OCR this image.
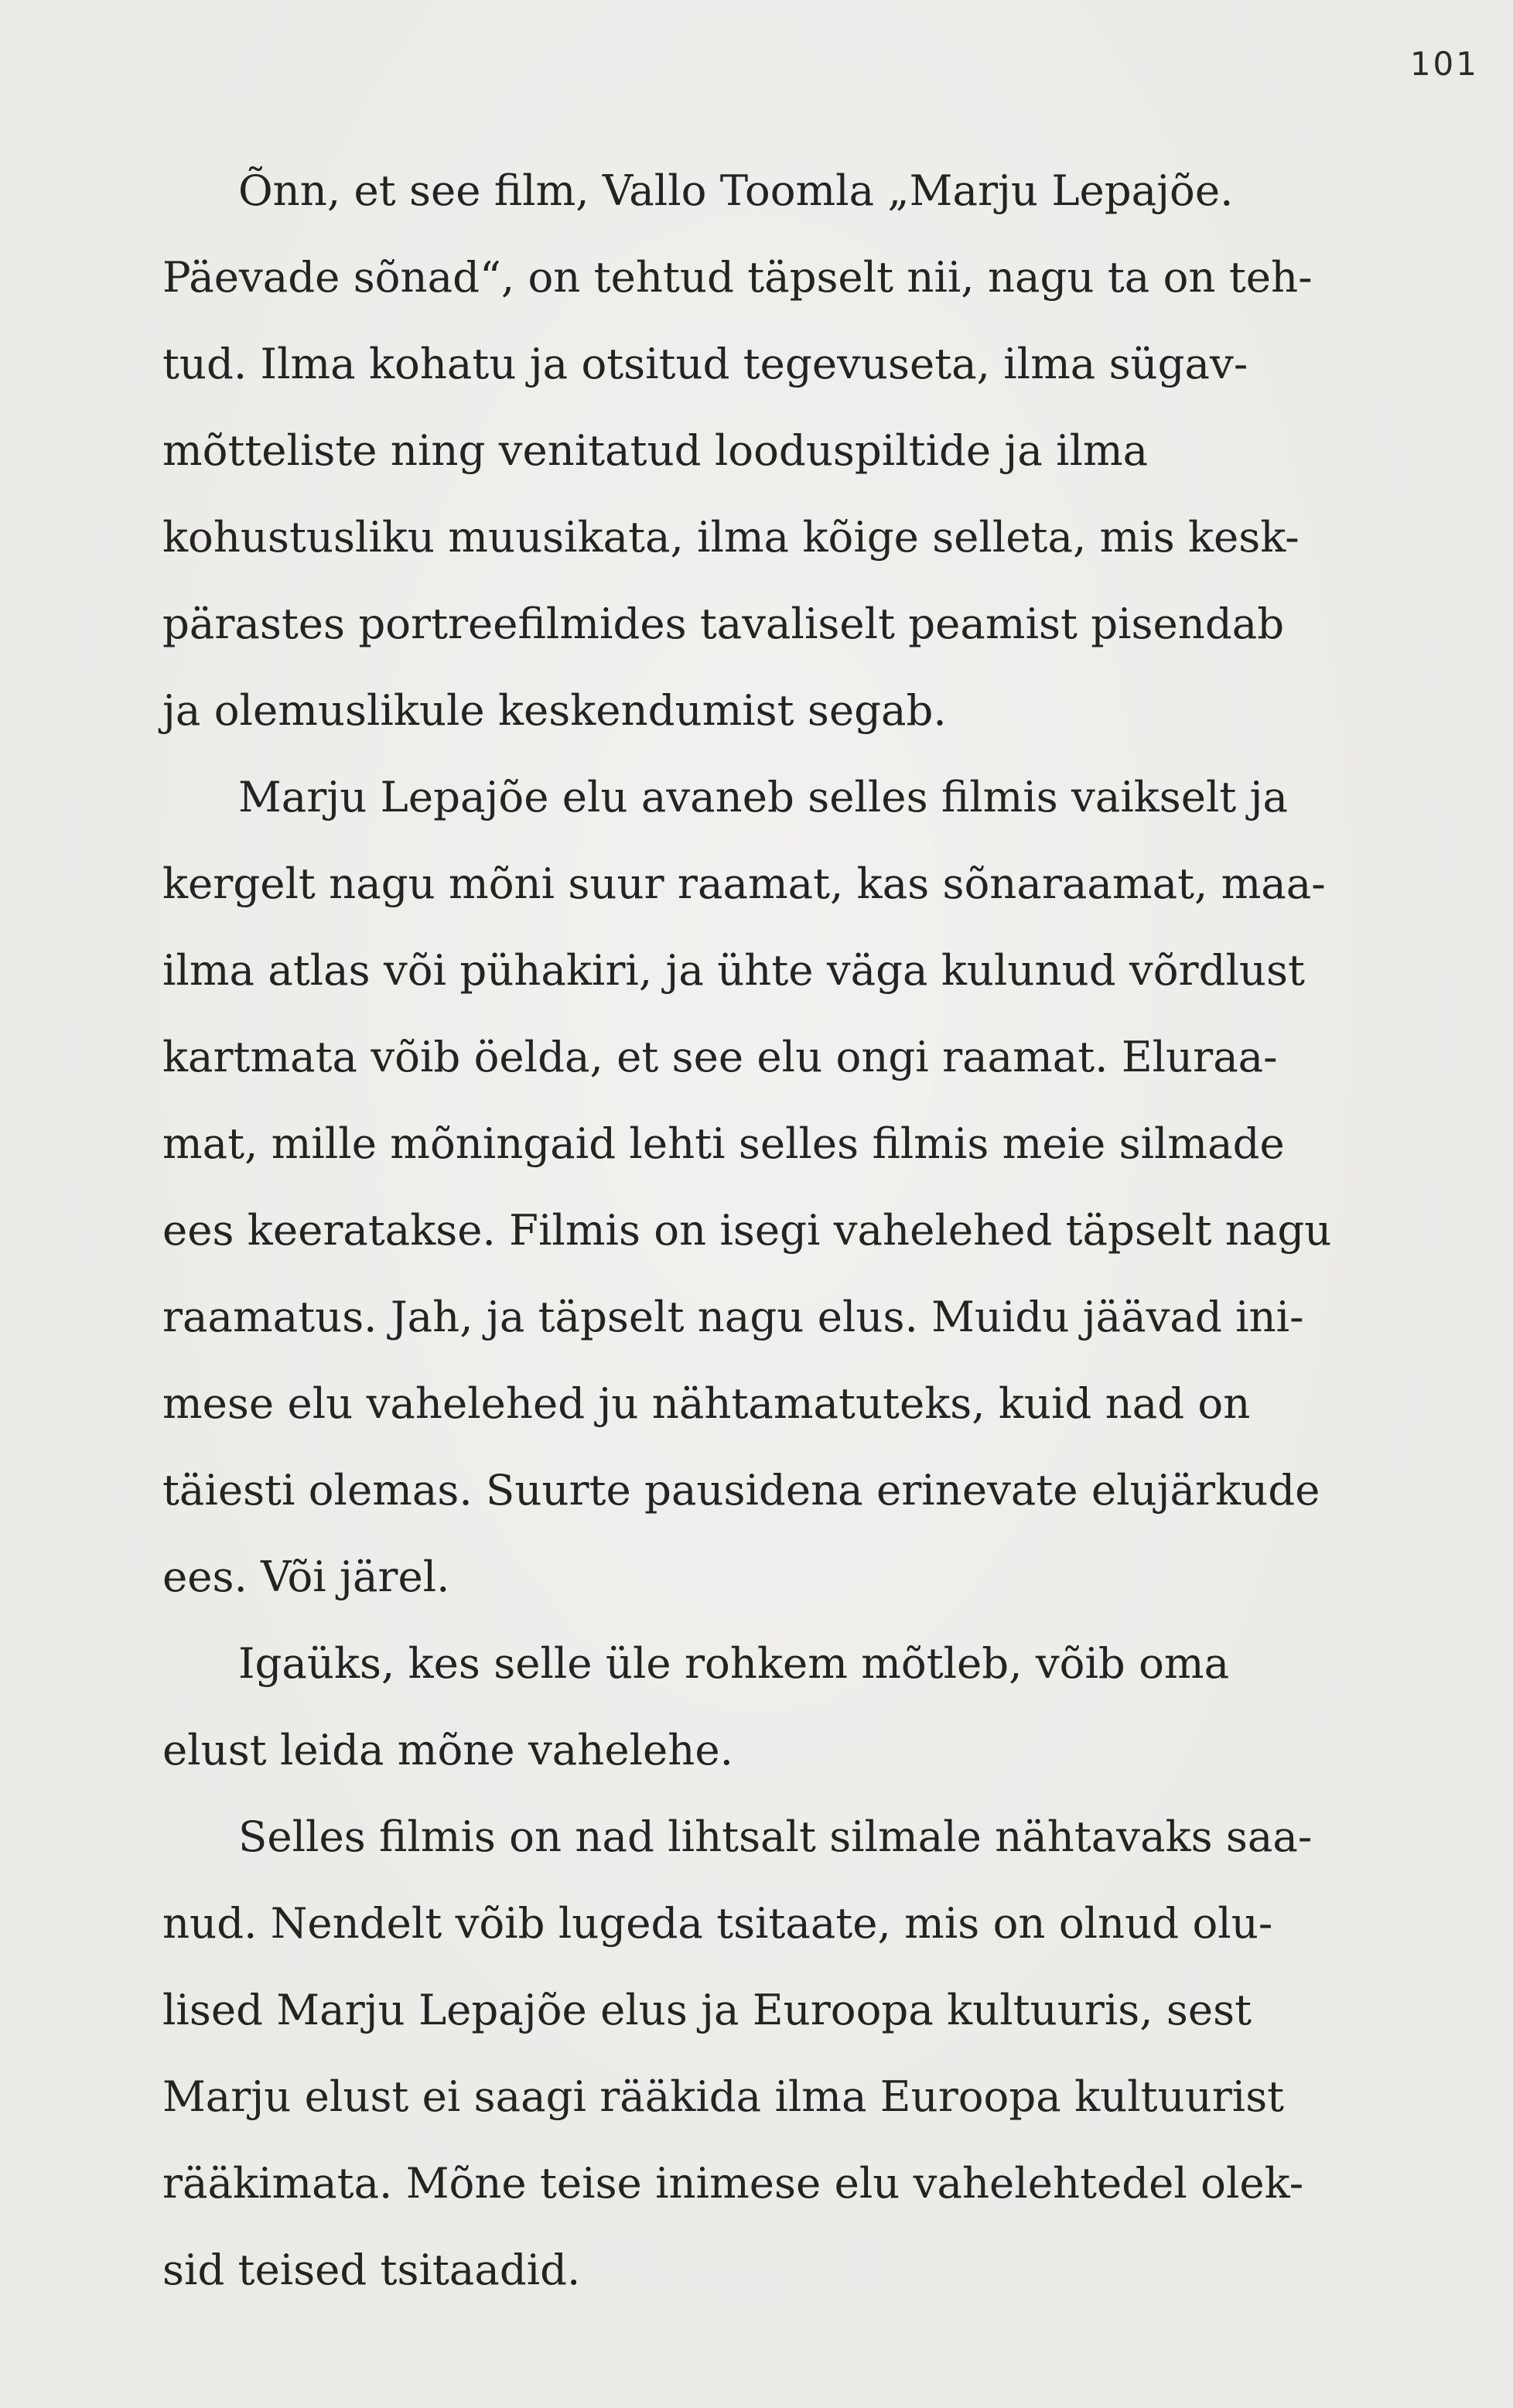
101
Õnn, et see film, Vallo Toomla „Marju Lepajõe.
Päevade sõnad“, on tehtud täpselt nii, nagu ta on teh-
tud. Ilma kohatu ja otsitud tegevuseta, ilma sügav-
mõtteliste ning venitatud looduspiltide ja ilma
kohustusliku muusikata, ilma kõige selleta, mis kesk-
pärastes portreefilmides tavaliselt peamist pisendab
ja olemuslikule keskendumist segab.
Marju Lepajõe elu avaneb selles filmis vaikselt ja
kergelt nagu mõni suur raamat, kas sõnaraamat, maa-
ilma atlas või pühakiri, ja ühte väga kulunud võrdlust
kartmata võib öelda, et see elu ongi raamat. Eluraa-
mat, mille mõningaid lehti selles filmis meie silmade
ees keeratakse. Filmis on isegi vahelehed täpselt nagu
raamatus. Jah, ja täpselt nagu elus. Muidu jäävad ini-
mese elu vahelehed ju nähtamatuteks, kuid nad on
täiesti olemas. Suurte pausidena erinevate elujärkude
ees. Või järel.
Igaüks, kes selle üle rohkem mõtleb, võib oma
elust leida mõne vahelehe.
Selles filmis on nad lihtsalt silmale nähtavaks saa-
nud. Nendelt võib lugeda tsitaate, mis on olnud olu-
lised Marju Lepajõe elus ja Euroopa kultuuris, sest
Marju elust ei saagi rääkida ilma Euroopa kultuurist
rääkimata. Mõne teise inimese elu vahelehtedel olek-
sid teised tsitaadid.
